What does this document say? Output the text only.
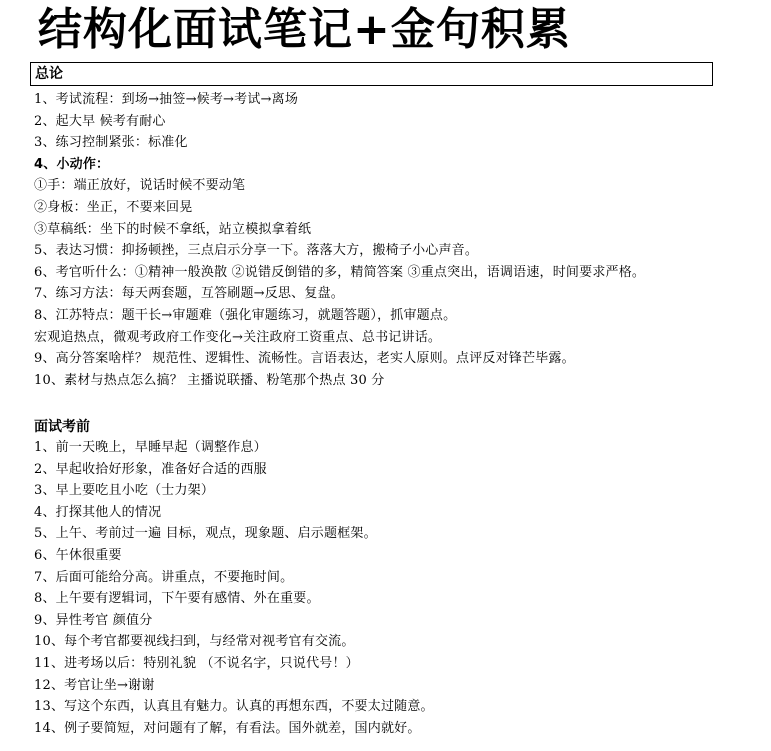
结构化面试笔记+金句积累
总论
1、考试流程：到场→抽签→候考→考试→离场
2、起大早 候考有耐心
3、练习控制紧张：标准化
4、小动作：
①手：端正放好，说话时候不要动笔
②身板：坐正，不要来回晃
③草稿纸：坐下的时候不拿纸，站立模拟拿着纸
5、表达习惯：抑扬顿挫，三点启示分享一下。落落大方，搬椅子小心声音。
6、考官听什么：①精神一般涣散 ②说错反倒错的多，精简答案 ③重点突出，语调语速，时间要求严格。
7、练习方法：每天两套题，互答刷题→反思、复盘。
8、江苏特点：题干长→审题难（强化审题练习，就题答题），抓审题点。
宏观追热点，微观考政府工作变化→关注政府工资重点、总书记讲话。
9、高分答案啥样？ 规范性、逻辑性、流畅性。言语表达，老实人原则。点评反对锋芒毕露。
10、素材与热点怎么搞？ 主播说联播、粉笔那个热点 30 分
面试考前
1、前一天晚上，早睡早起（调整作息）
2、早起收拾好形象，准备好合适的西服
3、早上要吃且小吃（士力架）
4、打探其他人的情况
5、上午、考前过一遍 目标，观点，现象题、启示题框架。
6、午休很重要
7、后面可能给分高。讲重点，不要拖时间。
8、上午要有逻辑词，下午要有感情、外在重要。
9、异性考官 颜值分
10、每个考官都要视线扫到，与经常对视考官有交流。
11、进考场以后：特别礼貌 （不说名字，只说代号！）
12、考官让坐→谢谢
13、写这个东西，认真且有魅力。认真的再想东西，不要太过随意。
14、例子要简短，对问题有了解，有看法。国外就差，国内就好。
